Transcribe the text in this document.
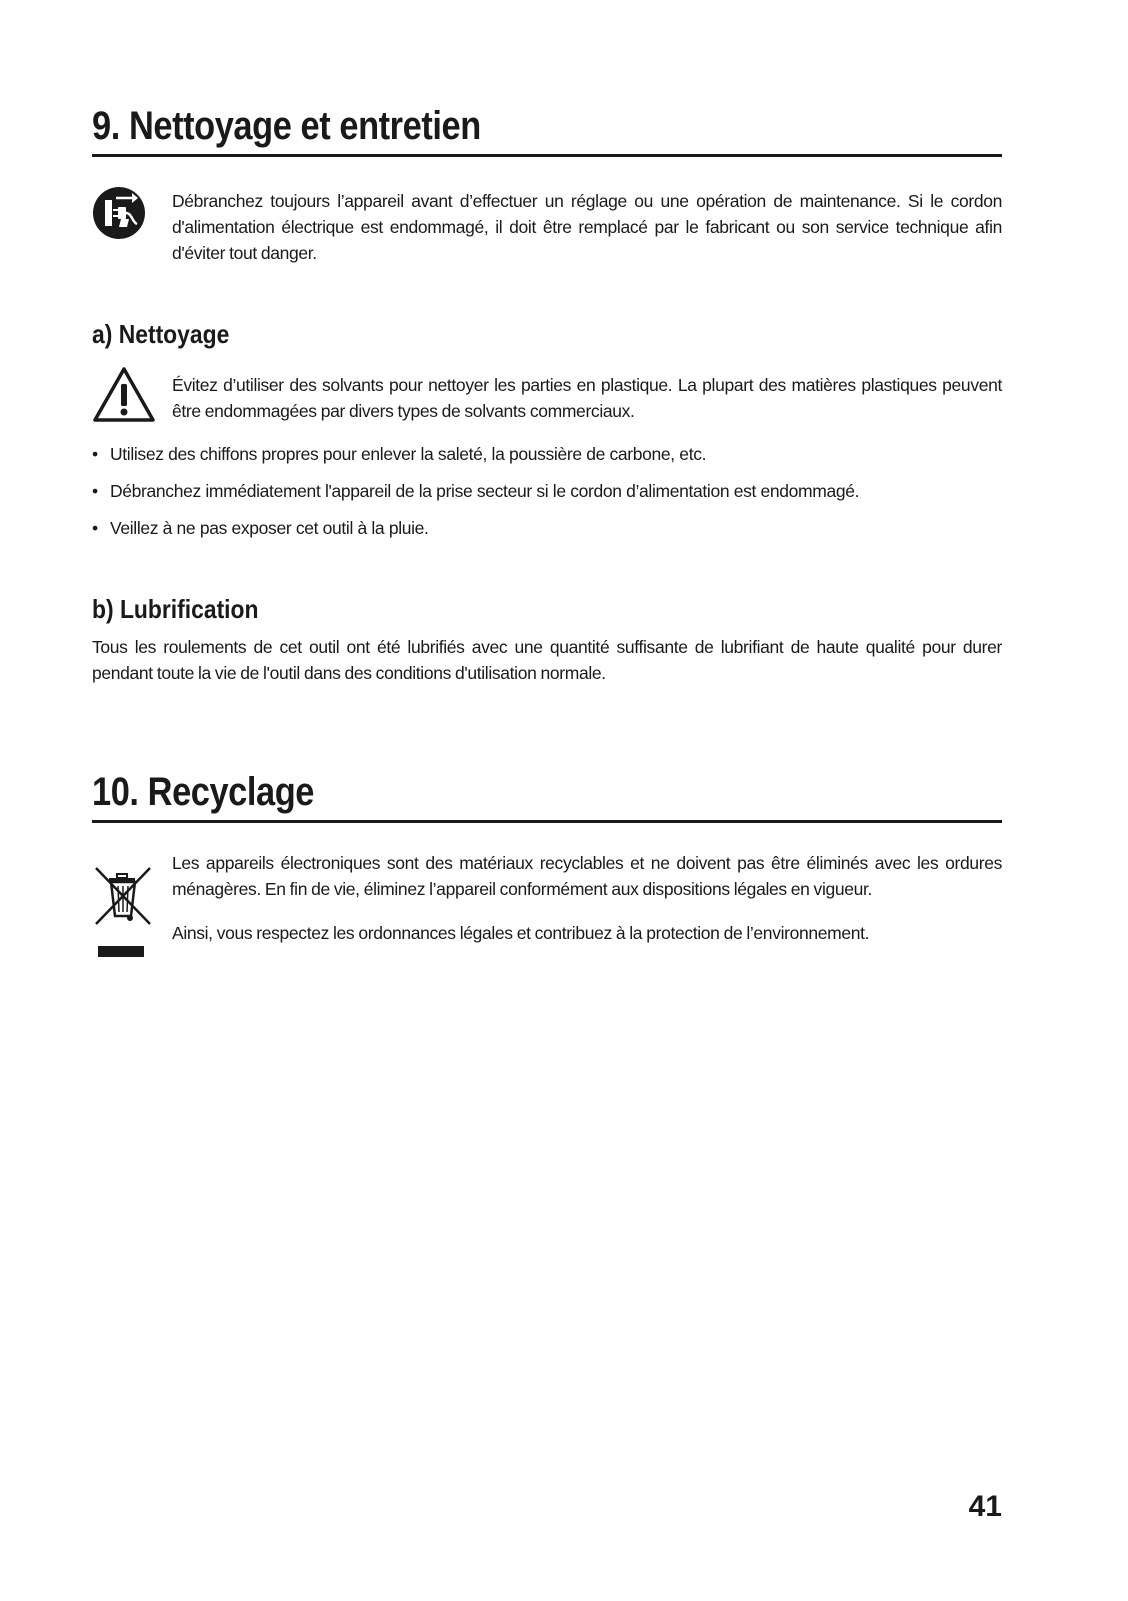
9. Nettoyage et entretien
Débranchez toujours l’appareil avant d’effectuer un réglage ou une opération de maintenance. Si le cordon d'alimentation électrique est endommagé, il doit être remplacé par le fabricant ou son service technique afin d'éviter tout danger.
a) Nettoyage
Évitez d’utiliser des solvants pour nettoyer les parties en plastique. La plupart des matières plastiques peuvent être endommagées par divers types de solvants commerciaux.
• Utilisez des chiffons propres pour enlever la saleté, la poussière de carbone, etc.
• Débranchez immédiatement l'appareil de la prise secteur si le cordon d’alimentation est endommagé.
• Veillez à ne pas exposer cet outil à la pluie.
b) Lubrification
Tous les roulements de cet outil ont été lubrifiés avec une quantité suffisante de lubrifiant de haute qualité pour durer pendant toute la vie de l'outil dans des conditions d'utilisation normale.
10. Recyclage
Les appareils électroniques sont des matériaux recyclables et ne doivent pas être éliminés avec les ordures ménagères. En fin de vie, éliminez l’appareil conformément aux dispositions légales en vigueur.
Ainsi, vous respectez les ordonnances légales et contribuez à la protection de l’environnement.
41
